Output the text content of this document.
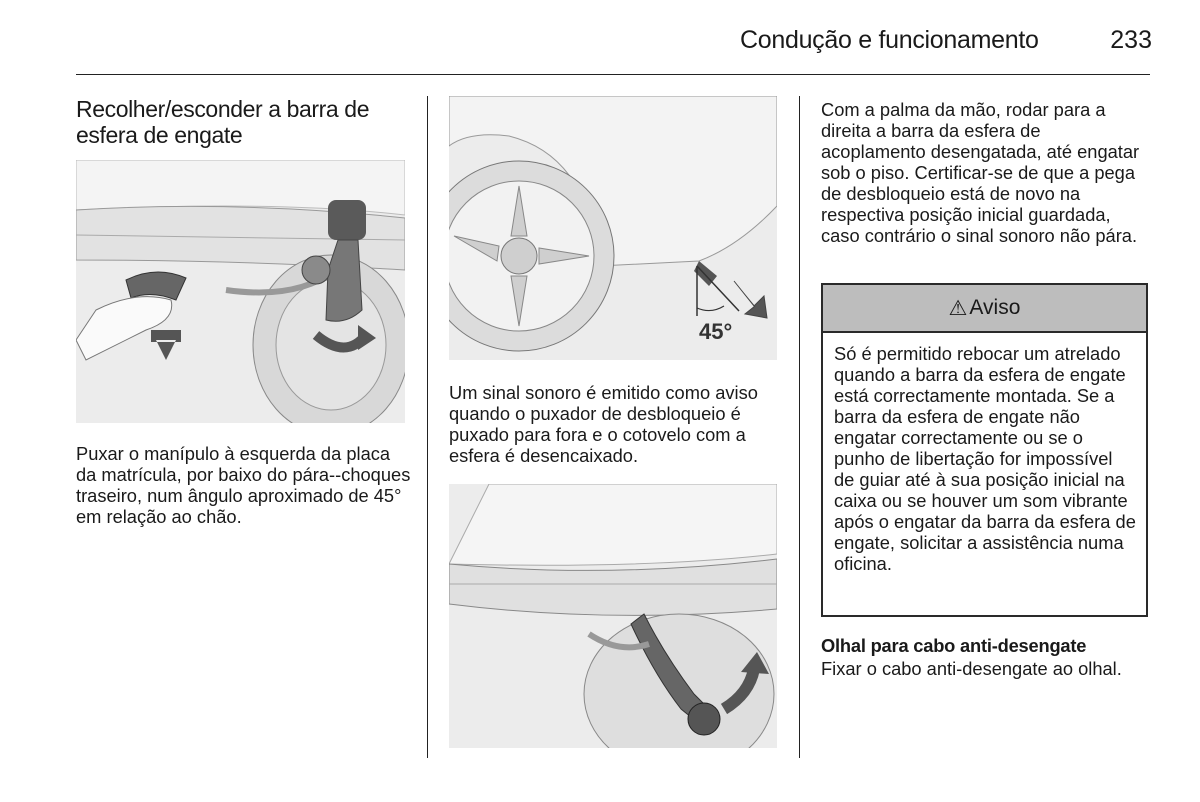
Condução e funcionamento	233
Recolher/esconder a barra de esfera de engate
Puxar o manípulo à esquerda da placa da matrícula, por baixo do pára--choques traseiro, num ângulo aproximado de 45° em relação ao chão.
45°
Um sinal sonoro é emitido como aviso quando o puxador de desbloqueio é puxado para fora e o cotovelo com a esfera é desencaixado.
Com a palma da mão, rodar para a direita a barra da esfera de acoplamento desengatada, até engatar sob o piso. Certificar-se de que a pega de desbloqueio está de novo na respectiva posição inicial guardada, caso contrário o sinal sonoro não pára.
⚠ Aviso
Só é permitido rebocar um atrelado quando a barra da esfera de engate está correctamente montada. Se a barra da esfera de engate não engatar correctamente ou se o punho de libertação for impossível de guiar até à sua posição inicial na caixa ou se houver um som vibrante após o engatar da barra da esfera de engate, solicitar a assistência numa oficina.
Olhal para cabo anti-desengate
Fixar o cabo anti-desengate ao olhal.
